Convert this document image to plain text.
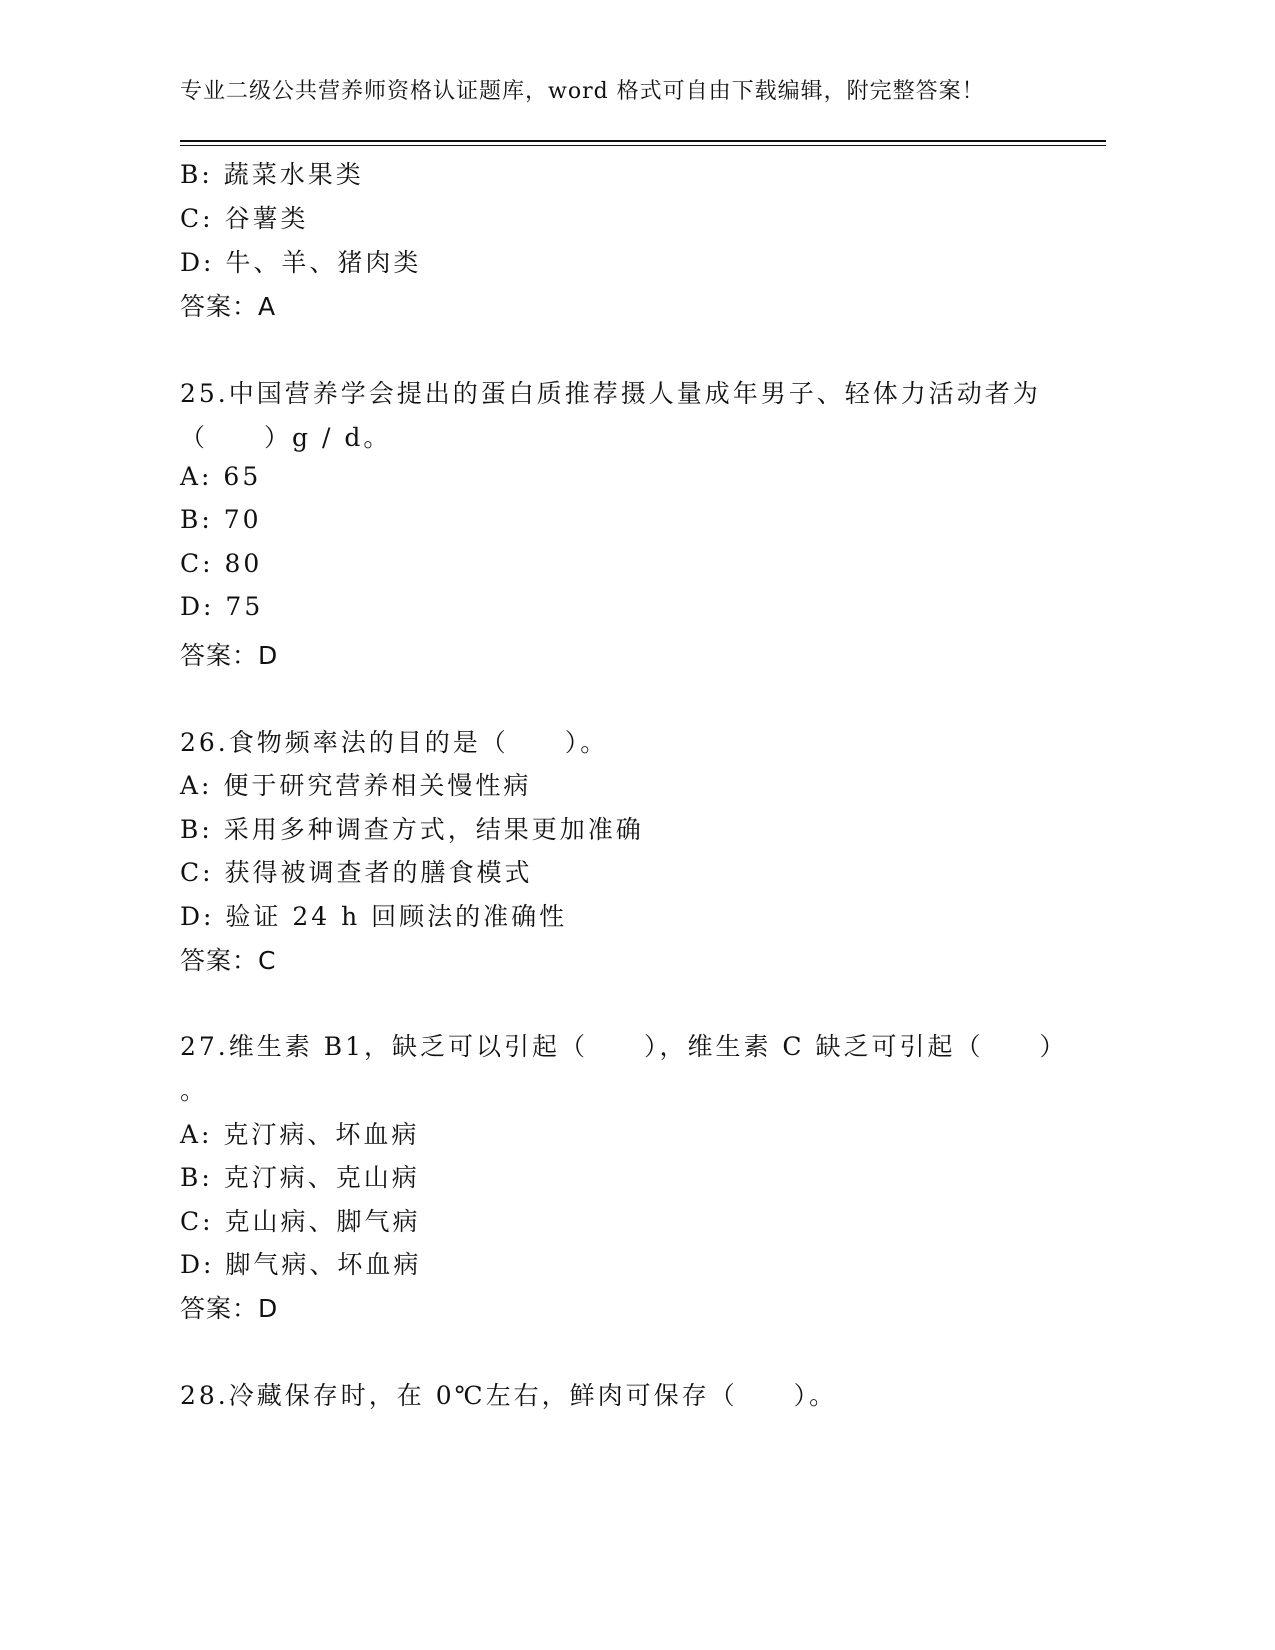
专业二级公共营养师资格认证题库，word 格式可自由下载编辑，附完整答案！
B: 蔬菜水果类
C: 谷薯类
D: 牛、羊、猪肉类
答案：A
25.中国营养学会提出的蛋白质推荐摄人量成年男子、轻体力活动者为
（　　）g / d。
A: 65
B: 70
C: 80
D: 75
答案：D
26.食物频率法的目的是（　　）。
A: 便于研究营养相关慢性病
B: 采用多种调查方式，结果更加准确
C: 获得被调查者的膳食模式
D: 验证 24 h 回顾法的准确性
答案：C
27.维生素 B1，缺乏可以引起（　　），维生素 C 缺乏可引起（　　）
。
A: 克汀病、坏血病
B: 克汀病、克山病
C: 克山病、脚气病
D: 脚气病、坏血病
答案：D
28.冷藏保存时，在 0℃左右，鲜肉可保存（　　）。
